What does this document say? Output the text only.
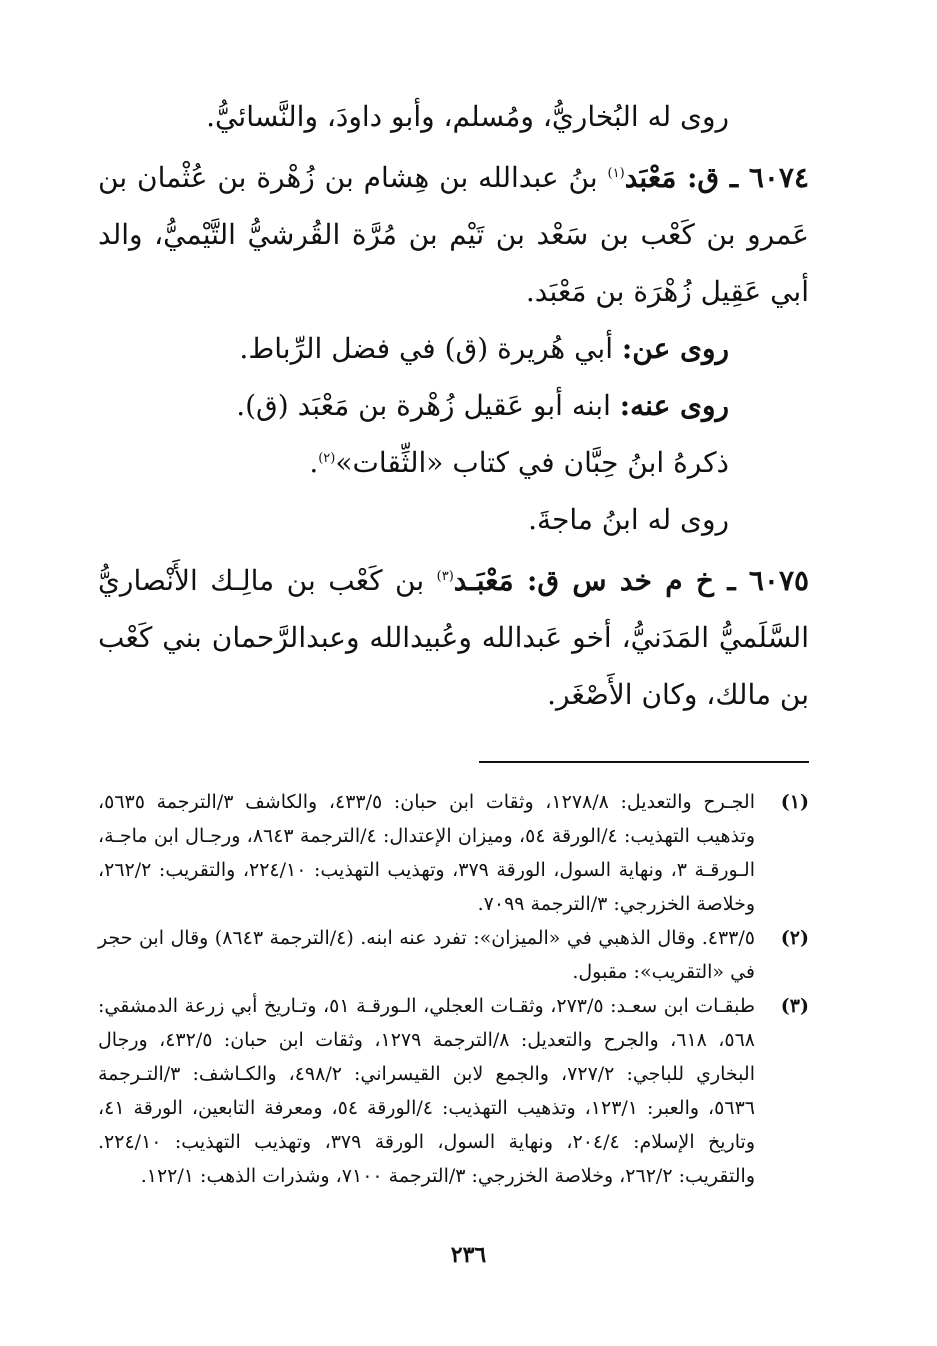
روى له البُخاريُّ، ومُسلم، وأبو داودَ، والنَّسائيُّ.

٦٠٧٤ ـ ق: مَعْبَد$^{(١)}$ بنُ عبدالله بن هِشام بن زُهْرة بن عُثْمان بن عَمرو بن كَعْب بن سَعْد بن تَيْم بن مُرَّة القُرشيُّ التَّيْميُّ، والد أبي عَقِيل زُهْرَة بن مَعْبَد.

روى عن: أبي هُريرة (ق) في فضل الرِّباط.

روى عنه: ابنه أبو عَقيل زُهْرة بن مَعْبَد (ق).

ذكرهُ ابنُ حِبَّان في كتاب «الثِّقات»$^{(٢)}$.

روى له ابنُ ماجةَ.

٦٠٧٥ ـ خ م خد س ق: مَعْبَـد$^{(٣)}$ بن كَعْب بن مالِـك الأَنْصاريُّ السَّلَميُّ المَدَنيُّ، أخو عَبدالله وعُبيدالله وعبدالرَّحمان بني كَعْب بن مالك، وكان الأَصْغَر.

(١)
الجـرح والتعديل: ١٢٧٨/٨، وثقات ابن حبان: ٤٣٣/٥، والكاشف ٣/الترجمة ٥٦٣٥، وتذهيب التهذيب: ٤/الورقة ٥٤، وميزان الإعتدال: ٤/الترجمة ٨٦٤٣، ورجـال ابن ماجـة، الـورقـة ٣، ونهاية السول، الورقة ٣٧٩، وتهذيب التهذيب: ٢٢٤/١٠، والتقريب: ٢٦٢/٢، وخلاصة الخزرجي: ٣/الترجمة ٧٠٩٩.
(٢)
٤٣٣/٥. وقال الذهبي في «الميزان»: تفرد عنه ابنه. (٤/الترجمة ٨٦٤٣) وقال ابن حجر في «التقريب»: مقبول.
(٣)
طبقـات ابن سعـد: ٢٧٣/٥، وثقـات العجلي، الـورقـة ٥١، وتـاريخ أبي زرعة الدمشقي: ٥٦٨، ٦١٨، والجرح والتعديل: ٨/الترجمة ١٢٧٩، وثقات ابن حبان: ٤٣٢/٥، ورجال البخاري للباجي: ٧٢٧/٢، والجمع لابن القيسراني: ٤٩٨/٢، والكـاشف: ٣/التـرجمة ٥٦٣٦، والعبر: ١٢٣/١، وتذهيب التهذيب: ٤/الورقة ٥٤، ومعرفة التابعين، الورقة ٤١، وتاريخ الإسلام: ٢٠٤/٤، ونهاية السول، الورقة ٣٧٩، وتهذيب التهذيب: ٢٢٤/١٠. والتقريب: ٢٦٢/٢، وخلاصة الخزرجي: ٣/الترجمة ٧١٠٠، وشذرات الذهب: ١٢٢/١.
٢٣٦
